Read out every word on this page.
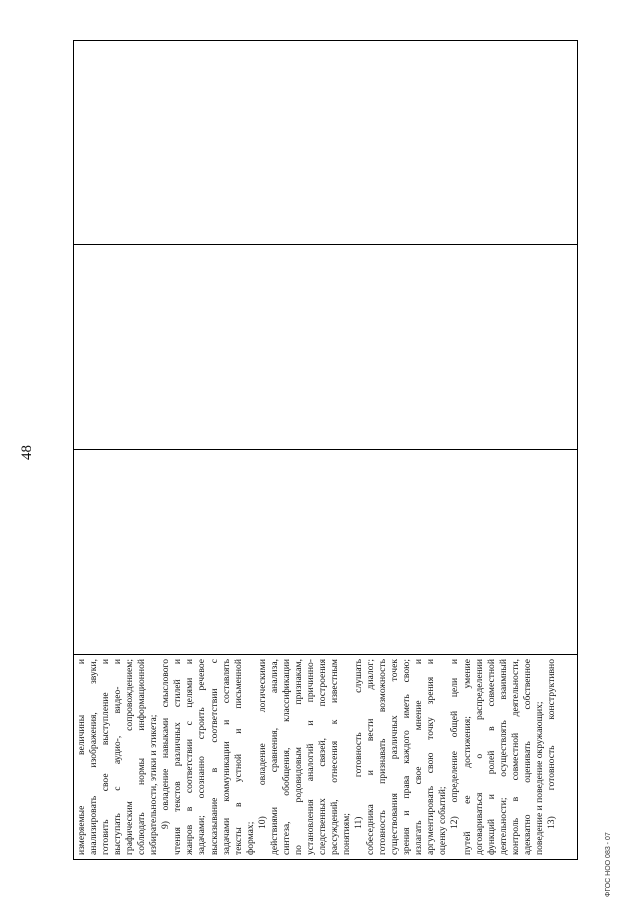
48

измеряемые величины и анализировать изображения, звуки, готовить свое выступление и выступать с аудио-, видео- и графическим сопровождением; соблюдать нормы информационной избирательности, этики и этикета; 9) овладение навыками смыслового чтения текстов различных стилей и жанров в соответствии с целями и задачами; осознанно строить речевое высказывание в соответствии с задачами коммуникации и составлять тексты в устной и письменной формах;

10) овладение логическими действиями сравнения, анализа, синтеза, обобщения, классификации по родовидовым признакам, установления аналогий и причинно- следственных связей, построения рассуждений, отнесения к известным понятиям;

11) готовность слушать собеседника и вести диалог; готовность признавать возможность существования различных точек зрения и права каждого иметь свою; излагать свое мнение и аргументировать свою точку зрения и оценку событий; 12) определение общей цели и путей ее достижения; умение договариваться о распределении функций и ролей в совместной деятельности; осуществлять взаимный контроль в совместной деятельности, адекватно оценивать собственное поведение и поведение окружающих; 13) готовность конструктивно

ФГОС НОО 083 - 07
